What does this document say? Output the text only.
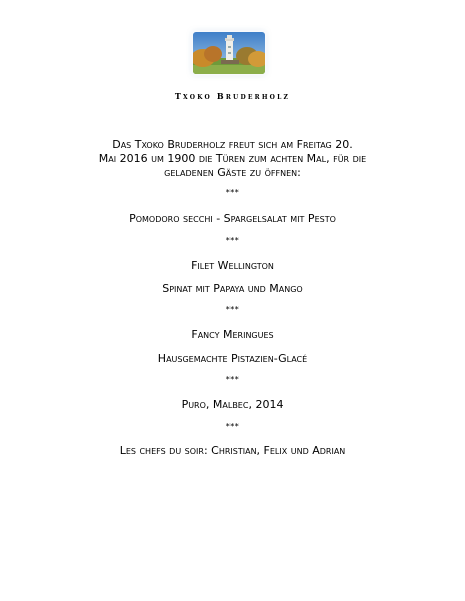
Txoko Bruderholz
Das Txoko Bruderholz freut sich am Freitag 20.
Mai 2016 um 1900 die Türen zum achten Mal, für die
geladenen Gäste zu öffnen:
***
Pomodoro secchi - Spargelsalat mit Pesto
***
Filet Wellington
Spinat mit Papaya und Mango
***
Fancy Meringues
Hausgemachte Pistazien-Glacé
***
Puro, Malbec, 2014
***
Les chefs du soir: Christian, Felix und Adrian
